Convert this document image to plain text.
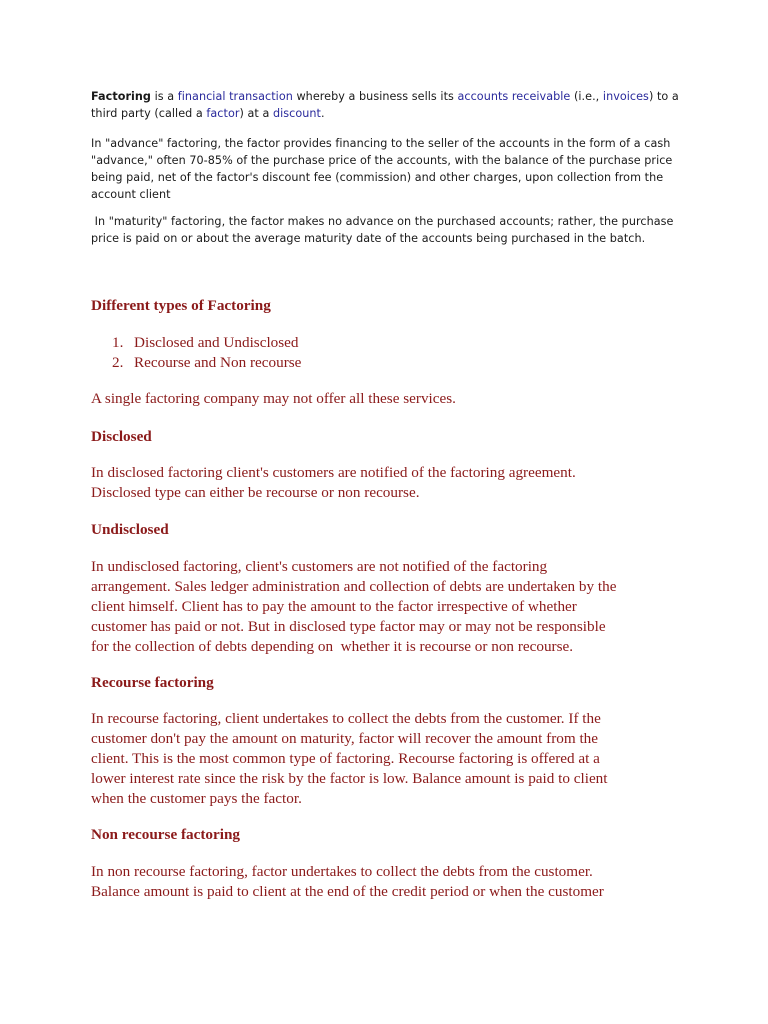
Factoring is a financial transaction whereby a business sells its accounts receivable (i.e., invoices) to a
third party (called a factor) at a discount.

In "advance" factoring, the factor provides financing to the seller of the accounts in the form of a cash
"advance," often 70-85% of the purchase price of the accounts, with the balance of the purchase price
being paid, net of the factor's discount fee (commission) and other charges, upon collection from the
account client

In "maturity" factoring, the factor makes no advance on the purchased accounts; rather, the purchase
price is paid on or about the average maturity date of the accounts being purchased in the batch.

Different types of Factoring
1. Disclosed and Undisclosed
2. Recourse and Non recourse

A single factoring company may not offer all these services.

Disclosed

In disclosed factoring client's customers are notified of the factoring agreement.
Disclosed type can either be recourse or non recourse.

Undisclosed

In undisclosed factoring, client's customers are not notified of the factoring
arrangement. Sales ledger administration and collection of debts are undertaken by the
client himself. Client has to pay the amount to the factor irrespective of whether
customer has paid or not. But in disclosed type factor may or may not be responsible
for the collection of debts depending on  whether it is recourse or non recourse.

Recourse factoring

In recourse factoring, client undertakes to collect the debts from the customer. If the
customer don't pay the amount on maturity, factor will recover the amount from the
client. This is the most common type of factoring. Recourse factoring is offered at a
lower interest rate since the risk by the factor is low. Balance amount is paid to client
when the customer pays the factor.

Non recourse factoring

In non recourse factoring, factor undertakes to collect the debts from the customer.
Balance amount is paid to client at the end of the credit period or when the customer
